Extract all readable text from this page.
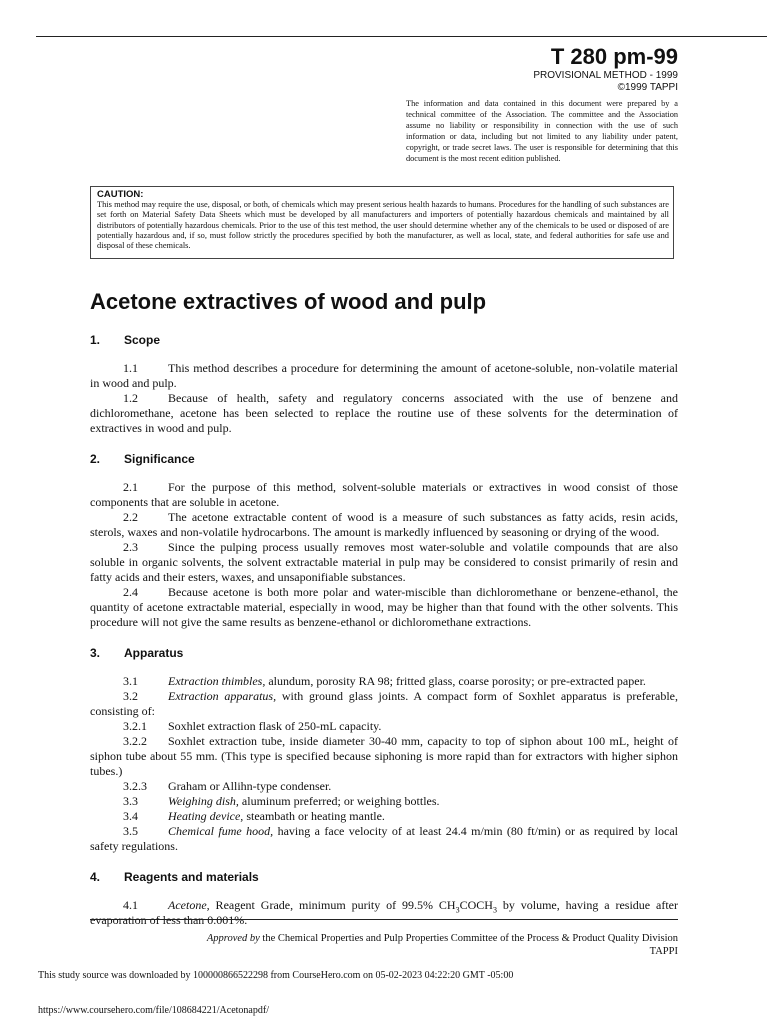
T 280 pm-99
PROVISIONAL METHOD - 1999
©1999 TAPPI
The information and data contained in this document were prepared by a technical committee of the Association. The committee and the Association assume no liability or responsibility in connection with the use of such information or data, including but not limited to any liability under patent, copyright, or trade secret laws. The user is responsible for determining that this document is the most recent edition published.
CAUTION:
This method may require the use, disposal, or both, of chemicals which may present serious health hazards to humans. Procedures for the handling of such substances are set forth on Material Safety Data Sheets which must be developed by all manufacturers and importers of potentially hazardous chemicals and maintained by all distributors of potentially hazardous chemicals. Prior to the use of this test method, the user should determine whether any of the chemicals to be used or disposed of are potentially hazardous and, if so, must follow strictly the procedures specified by both the manufacturer, as well as local, state, and federal authorities for safe use and disposal of these chemicals.
Acetone extractives of wood and pulp
1. Scope

1.1	This method describes a procedure for determining the amount of acetone-soluble, non-volatile material in wood and pulp.

1.2	Because of health, safety and regulatory concerns associated with the use of benzene and dichloromethane, acetone has been selected to replace the routine use of these solvents for the determination of extractives in wood and pulp.

2. Significance

2.1	For the purpose of this method, solvent-soluble materials or extractives in wood consist of those components that are soluble in acetone.

2.2	The acetone extractable content of wood is a measure of such substances as fatty acids, resin acids, sterols, waxes and non-volatile hydrocarbons. The amount is markedly influenced by seasoning or drying of the wood.

2.3	Since the pulping process usually removes most water-soluble and volatile compounds that are also soluble in organic solvents, the solvent extractable material in pulp may be considered to consist primarily of resin and fatty acids and their esters, waxes, and unsaponifiable substances.

2.4	Because acetone is both more polar and water-miscible than dichloromethane or benzene-ethanol, the quantity of acetone extractable material, especially in wood, may be higher than that found with the other solvents. This procedure will not give the same results as benzene-ethanol or dichloromethane extractions.

3. Apparatus

3.1	Extraction thimbles, alundum, porosity RA 98; fritted glass, coarse porosity; or pre-extracted paper.

3.2	Extraction apparatus, with ground glass joints. A compact form of Soxhlet apparatus is preferable, consisting of:

3.2.1 Soxhlet extraction flask of 250-mL capacity.

3.2.2 Soxhlet extraction tube, inside diameter 30-40 mm, capacity to top of siphon about 100 mL, height of siphon tube about 55 mm. (This type is specified because siphoning is more rapid than for extractors with higher siphon tubes.)

3.2.3 Graham or Allihn-type condenser.

3.3	Weighing dish, aluminum preferred; or weighing bottles.

3.4	Heating device, steambath or heating mantle.

3.5	Chemical fume hood, having a face velocity of at least 24.4 m/min (80 ft/min) or as required by local safety regulations.

4. Reagents and materials

4.1	Acetone, Reagent Grade, minimum purity of 99.5% $CH_3COCH_3$ by volume, having a residue after evaporation of less than 0.001%.

Approved by the Chemical Properties and Pulp Properties Committee of the Process & Product Quality Division
TAPPI
This study source was downloaded by 100000866522298 from CourseHero.com on 05-02-2023 04:22:20 GMT -05:00
https://www.coursehero.com/file/108684221/Acetonapdf/
